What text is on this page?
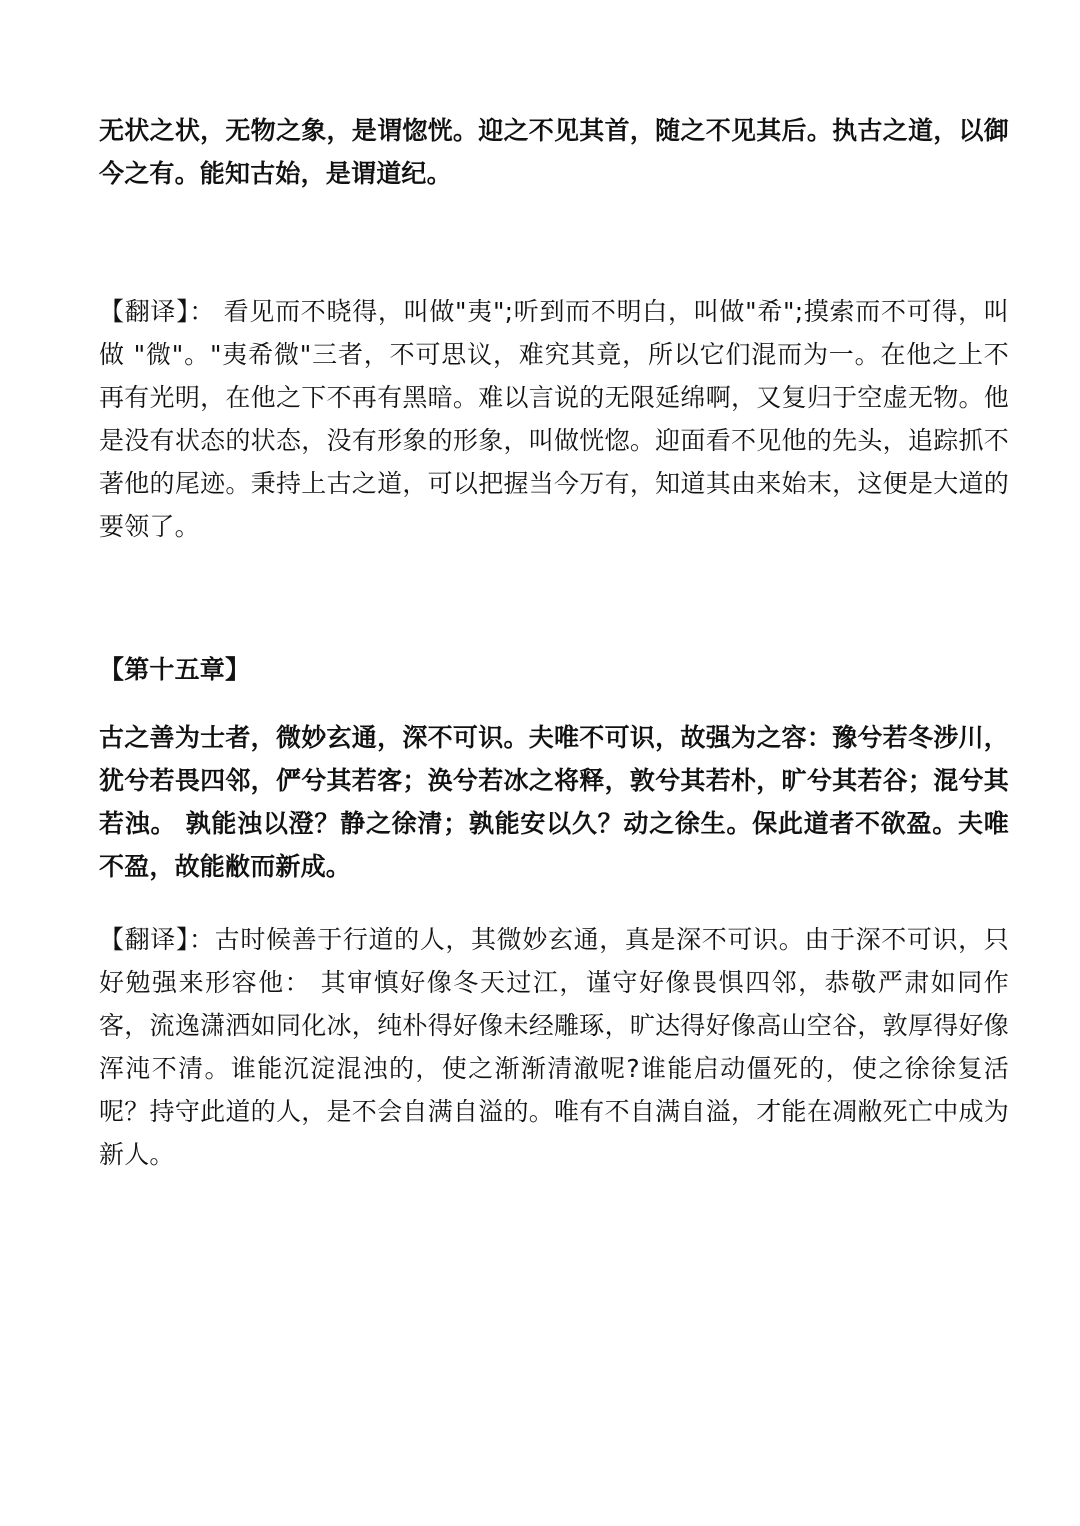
无状之状，无物之象，是谓惚恍。迎之不见其首，随之不见其后。执古之道，以御今之有。能知古始，是谓道纪。

【翻译】： 看见而不晓得，叫做"夷";听到而不明白，叫做"希";摸索而不可得，叫做 "微"。"夷希微"三者，不可思议，难究其竟，所以它们混而为一。在他之上不再有光明，在他之下不再有黑暗。难以言说的无限延绵啊，又复归于空虚无物。他是没有状态的状态，没有形象的形象，叫做恍惚。迎面看不见他的先头，追踪抓不著他的尾迹。秉持上古之道，可以把握当今万有，知道其由来始末，这便是大道的要领了。

【第十五章】

古之善为士者，微妙玄通，深不可识。夫唯不可识，故强为之容：豫兮若冬涉川，犹兮若畏四邻，俨兮其若客；涣兮若冰之将释，敦兮其若朴，旷兮其若谷；混兮其若浊。 孰能浊以澄？静之徐清；孰能安以久？动之徐生。保此道者不欲盈。夫唯不盈，故能敝而新成。

【翻译】：古时候善于行道的人，其微妙玄通，真是深不可识。由于深不可识，只好勉强来形容他： 其审慎好像冬天过江，谨守好像畏惧四邻，恭敬严肃如同作客，流逸潇洒如同化冰，纯朴得好像未经雕琢，旷达得好像高山空谷，敦厚得好像浑沌不清。谁能沉淀混浊的，使之渐渐清澈呢?谁能启动僵死的，使之徐徐复活呢？持守此道的人，是不会自满自溢的。唯有不自满自溢，才能在凋敝死亡中成为新人。
